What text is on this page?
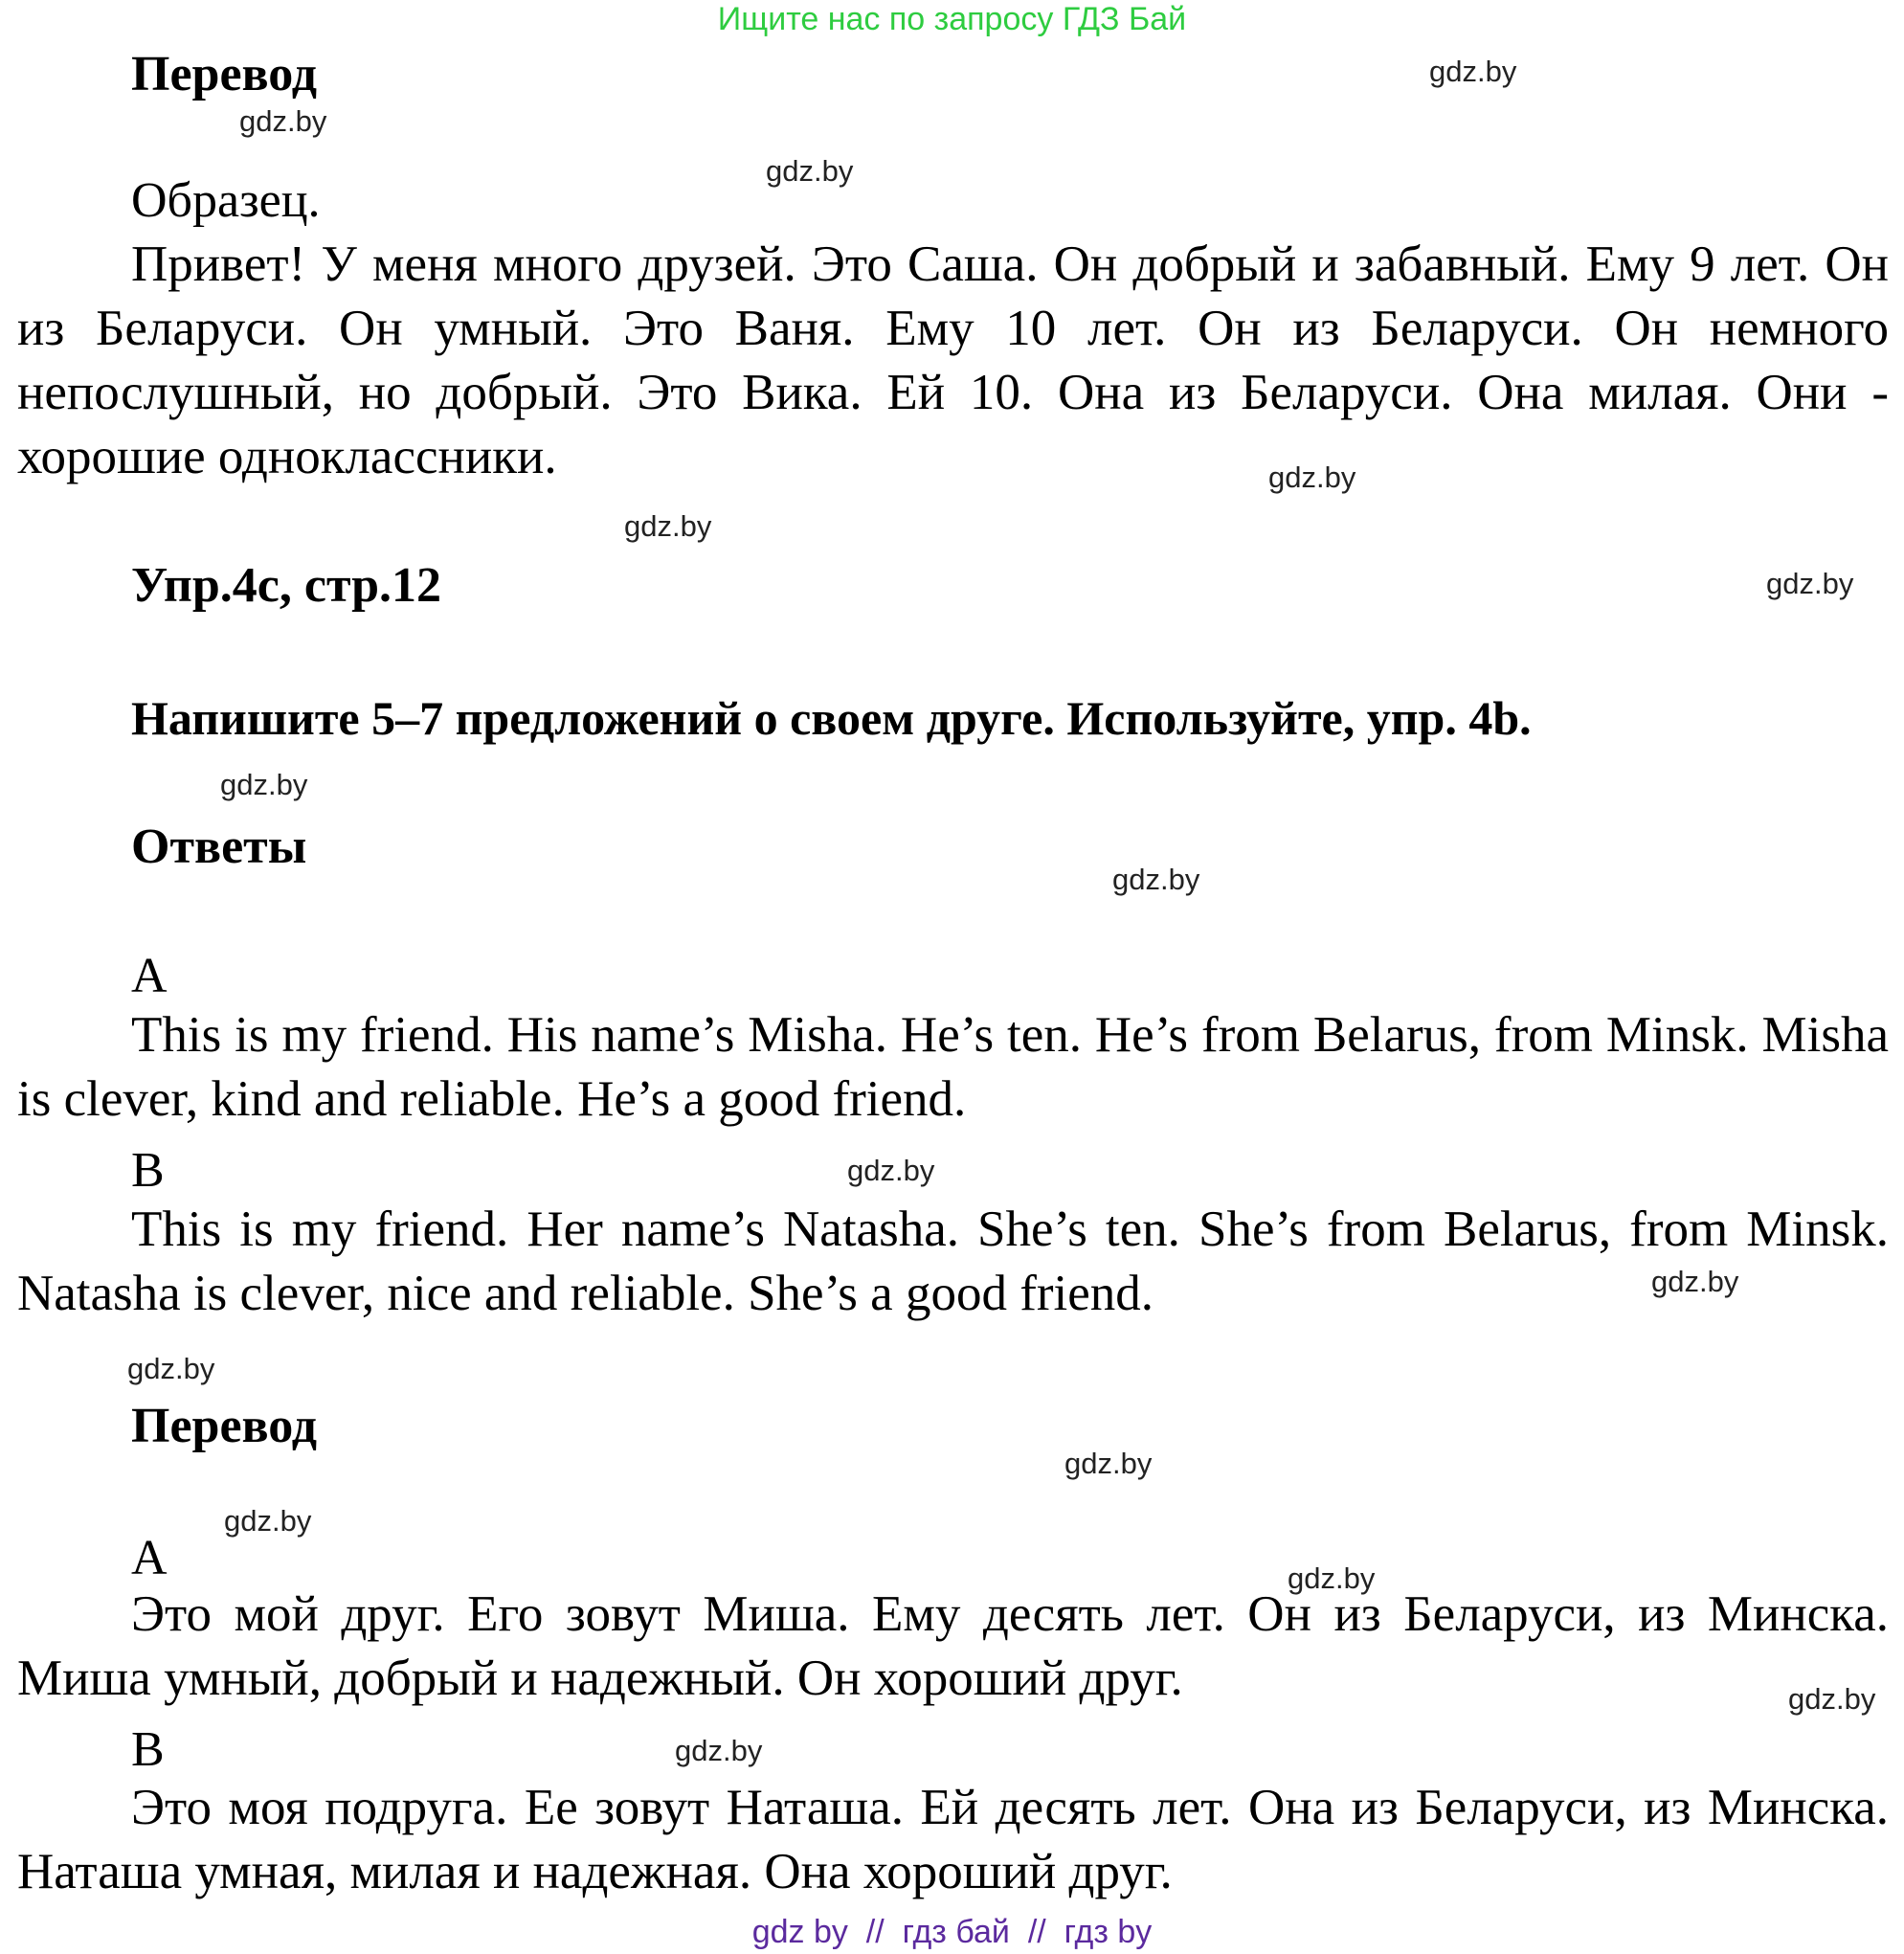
Ищите нас по запросу ГДЗ Бай
Перевод
Образец.
Привет! У меня много друзей. Это Саша. Он добрый и забавный. Ему 9 лет. Он из Беларуси. Он умный. Это Ваня. Ему 10 лет. Он из Беларуси. Он немного непослушный, но добрый. Это Вика. Ей 10. Она из Беларуси. Она милая. Они - хорошие одноклассники.
Упр.4с, стр.12
Напишите 5–7 предложений о своем друге. Используйте, упр. 4b.
Ответы
A
This is my friend. His name’s Misha. He’s ten. He’s from Belarus, from Minsk. Misha is clever, kind and reliable. He’s a good friend.
B
This is my friend. Her name’s Natasha. She’s ten. She’s from Belarus, from Minsk. Natasha is clever, nice and reliable. She’s a good friend.
Перевод
A
Это мой друг. Его зовут Миша. Ему десять лет. Он из Беларуси, из Минска. Миша умный, добрый и надежный. Он хороший друг.
B
Это моя подруга. Ее зовут Наташа. Ей десять лет. Она из Беларуси, из Минска. Наташа умная, милая и надежная. Она хороший друг.
gdz.by
gdz.by
gdz.by
gdz.by
gdz.by
gdz.by
gdz.by
gdz.by
gdz.by
gdz.by
gdz.by
gdz.by
gdz.by
gdz.by
gdz.by
gdz.by
gdz by  //  гдз бай  //  гдз by
